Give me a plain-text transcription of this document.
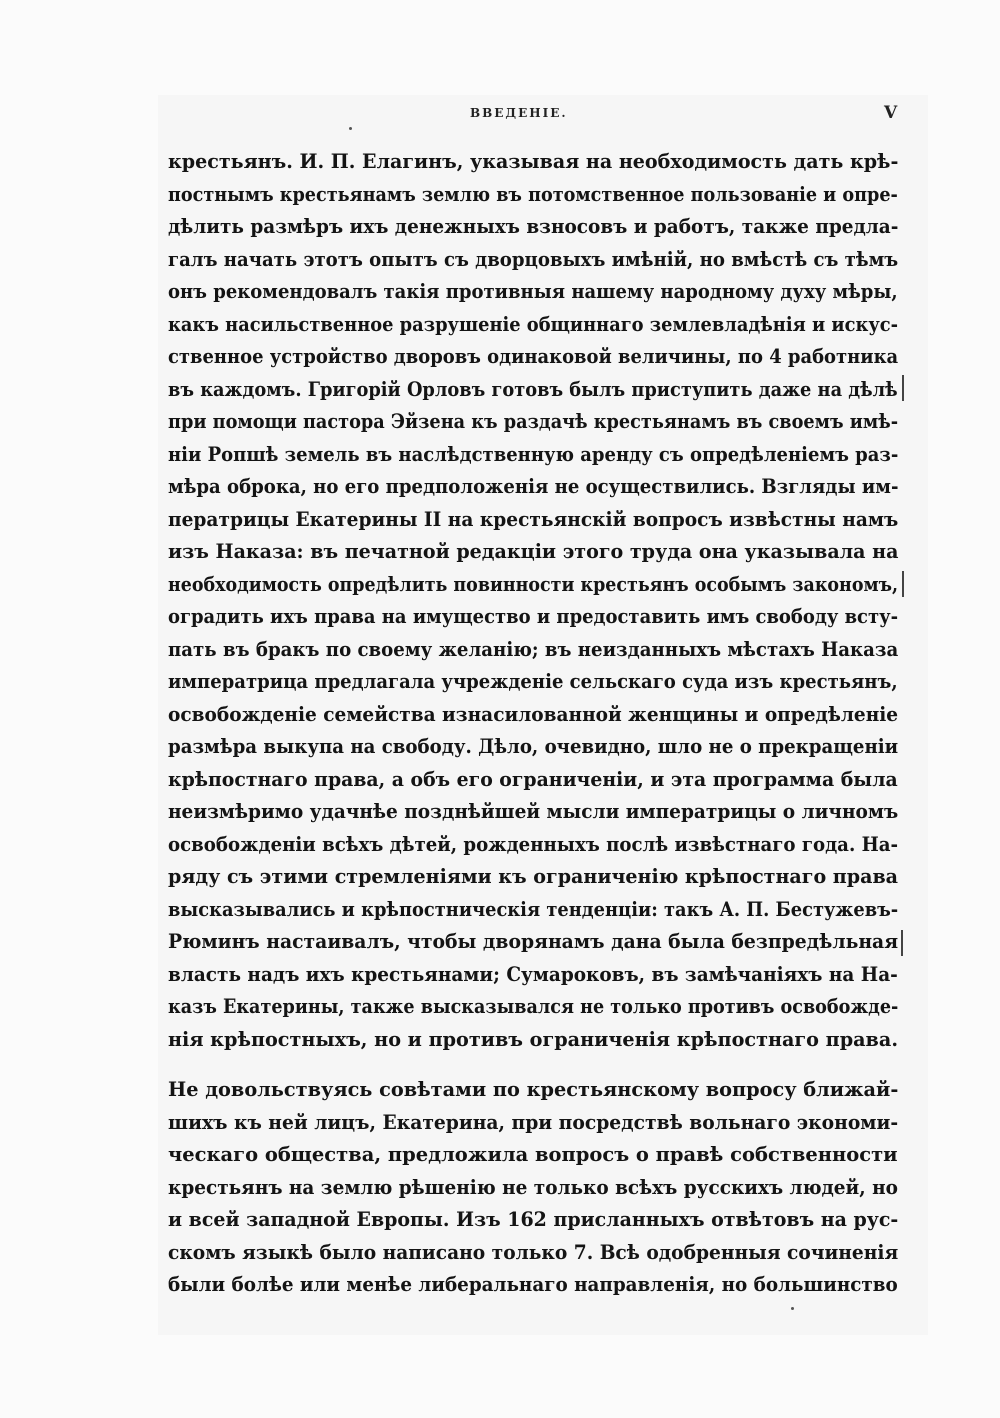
ВВЕДЕНІЕ.	V
крестьянъ. И. П. Елагинъ, указывая на необходимость дать крѣ-
постнымъ крестьянамъ землю въ потомственное пользованіе и опре-
дѣлить размѣръ ихъ денежныхъ взносовъ и работъ, также предла-
галъ начать этотъ опытъ съ дворцовыхъ имѣній, но вмѣстѣ съ тѣмъ
онъ рекомендовалъ такія противныя нашему народному духу мѣры,
какъ насильственное разрушеніе общиннаго землевладѣнія и искус-
ственное устройство дворовъ одинаковой величины, по 4 работника
въ каждомъ. Григорій Орловъ готовъ былъ приступить даже на дѣлѣ
при помощи пастора Эйзена къ раздачѣ крестьянамъ въ своемъ имѣ-
ніи Ропшѣ земель въ наслѣдственную аренду съ опредѣленіемъ раз-
мѣра оброка, но его предположенія не осуществились. Взгляды им-
ператрицы Екатерины II на крестьянскій вопросъ извѣстны намъ
изъ Наказа: въ печатной редакціи этого труда она указывала на
необходимость опредѣлить повинности крестьянъ особымъ закономъ,
оградить ихъ права на имущество и предоставить имъ свободу всту-
пать въ бракъ по своему желанію; въ неизданныхъ мѣстахъ Наказа
императрица предлагала учрежденіе сельскаго суда изъ крестьянъ,
освобожденіе семейства изнасилованной женщины и опредѣленіе
размѣра выкупа на свободу. Дѣло, очевидно, шло не о прекращеніи
крѣпостнаго права, а объ его ограниченіи, и эта программа была
неизмѣримо удачнѣе позднѣйшей мысли императрицы о личномъ
освобожденіи всѣхъ дѣтей, рожденныхъ послѣ извѣстнаго года. На-
ряду съ этими стремленіями къ ограниченію крѣпостнаго права
высказывались и крѣпостническія тенденціи: такъ А. П. Бестужевъ-
Рюминъ настаивалъ, чтобы дворянамъ дана была безпредѣльная
власть надъ ихъ крестьянами; Сумароковъ, въ замѣчаніяхъ на На-
казъ Екатерины, также высказывался не только противъ освобожде-
нія крѣпостныхъ, но и противъ ограниченія крѣпостнаго права.
Не довольствуясь совѣтами по крестьянскому вопросу ближай-
шихъ къ ней лицъ, Екатерина, при посредствѣ вольнаго экономи-
ческаго общества, предложила вопросъ о правѣ собственности
крестьянъ на землю рѣшенію не только всѣхъ русскихъ людей, но
и всей западной Европы. Изъ 162 присланныхъ отвѣтовъ на рус-
скомъ языкѣ было написано только 7. Всѣ одобренныя сочиненія
были болѣе или менѣе либеральнаго направленія, но большинство
